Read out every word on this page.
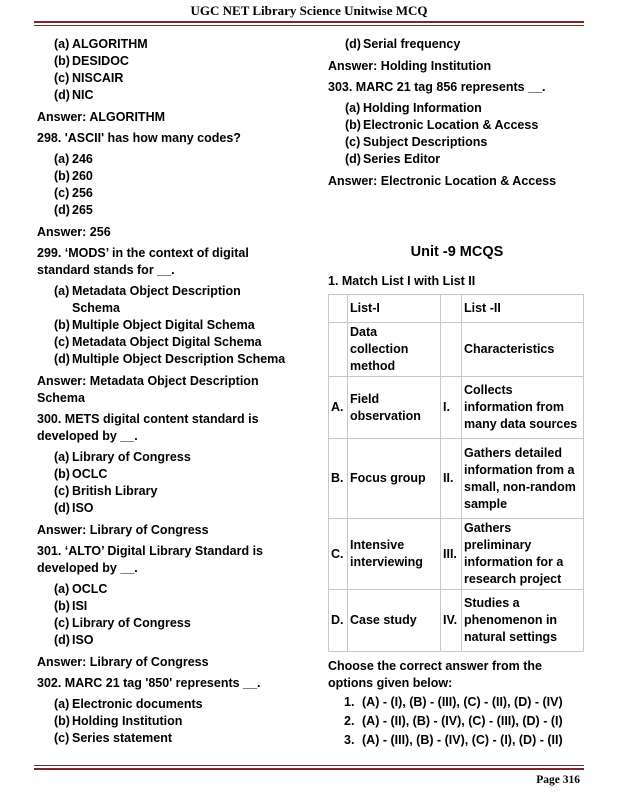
UGC NET Library Science Unitwise MCQ
(a) ALGORITHM
(b) DESIDOC
(c) NISCAIR
(d) NIC
Answer: ALGORITHM
298. 'ASCII' has how many codes?
(a) 246
(b) 260
(c) 256
(d) 265
Answer: 256
299. ‘MODS’ in the context of digital standard stands for __.
(a) Metadata Object Description Schema
(b) Multiple Object Digital Schema
(c) Metadata Object Digital Schema
(d) Multiple Object Description Schema
Answer: Metadata Object Description Schema
300. METS digital content standard is developed by __.
(a) Library of Congress
(b) OCLC
(c) British Library
(d) ISO
Answer: Library of Congress
301. ‘ALTO’ Digital Library Standard is developed by __.
(a) OCLC
(b) ISI
(c) Library of Congress
(d) ISO
Answer: Library of Congress
302. MARC 21 tag '850' represents __.
(a) Electronic documents
(b) Holding Institution
(c) Series statement
(d) Serial frequency
Answer: Holding Institution
303. MARC 21 tag 856 represents __.
(a) Holding Information
(b) Electronic Location & Access
(c) Subject Descriptions
(d) Series Editor
Answer: Electronic Location & Access
Unit -9 MCQS
1. Match List I with List II
	List-I		List -II
	Data collection method		Characteristics
A.	Field observation	I.	Collects information from many data sources
B.	Focus group	II.	Gathers detailed information from a small, non-random sample
C.	Intensive interviewing	III.	Gathers preliminary information for a research project
D.	Case study	IV.	Studies a phenomenon in natural settings
Choose the correct answer from the options given below:
1. (A) - (I), (B) - (III), (C) - (II), (D) - (IV)
2. (A) - (II), (B) - (IV), (C) - (III), (D) - (I)
3. (A) - (III), (B) - (IV), (C) - (I), (D) - (II)
Page 316
